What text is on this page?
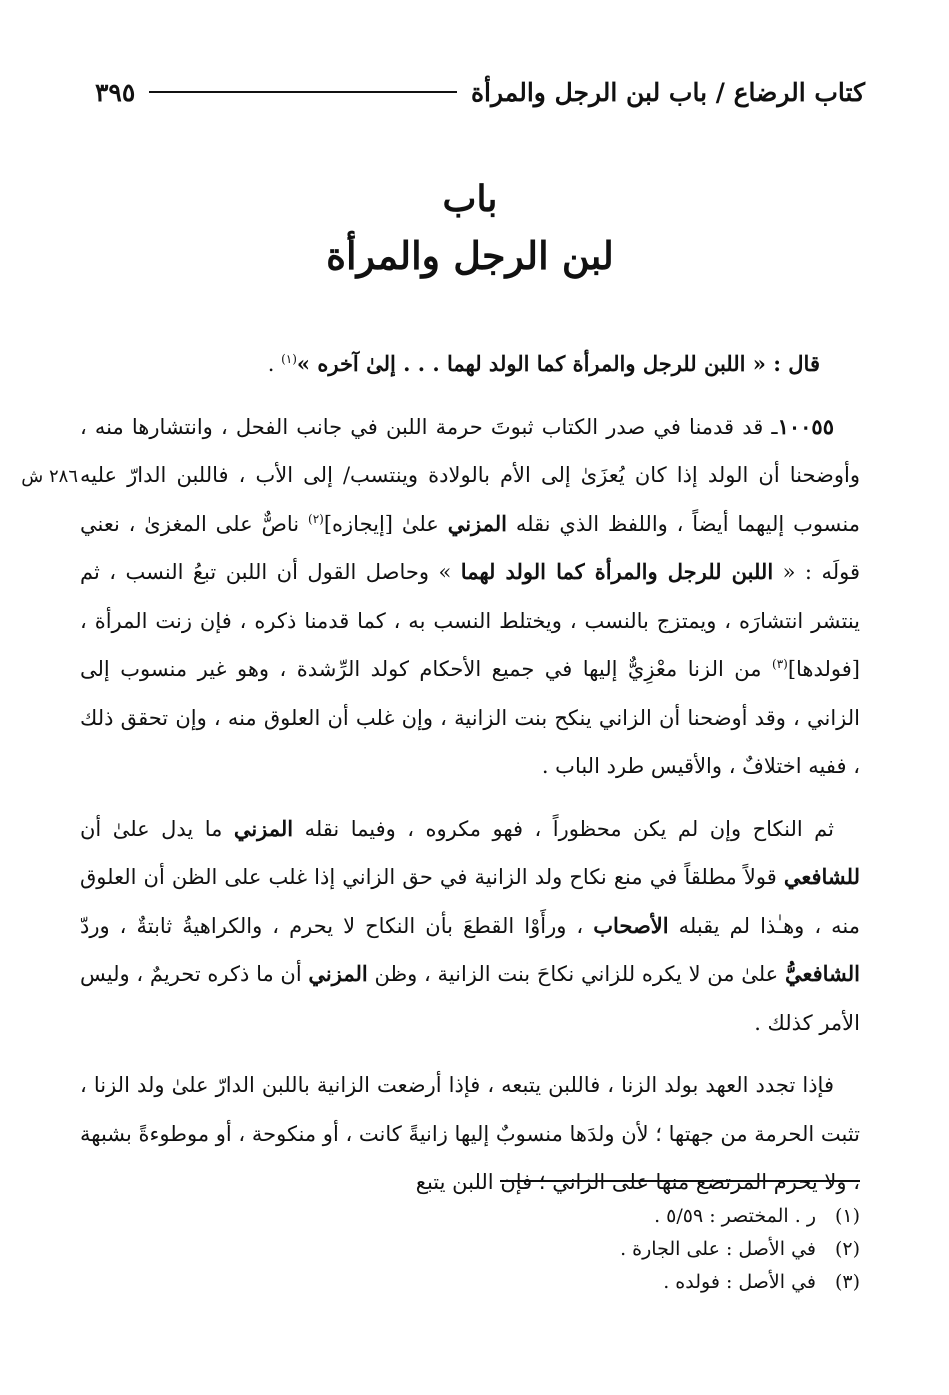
كتاب الرضاع / باب لبن الرجل والمرأة
٣٩٥
باب
لبن الرجل والمرأة
٢٨٦ ش

قال : « اللبن للرجل والمرأة كما الولد لهما . . . إلىٰ آخره »$^{(١)}$ .

١٠٠٥٥ـ قد قدمنا في صدر الكتاب ثبوتَ حرمة اللبن في جانب الفحل ، وانتشارها منه ، وأوضحنا أن الولد إذا كان يُعزَىٰ إلى الأم بالولادة وينتسب/ إلى الأب ، فاللبن الدارّ عليه منسوب إليهما أيضاً ، واللفظ الذي نقله المزني علىٰ [إيجازه]$^{(٢)}$ ناصٌّ على المغزىٰ ، نعني قولَه : « اللبن للرجل والمرأة كما الولد لهما » وحاصل القول أن اللبن تبعُ النسب ، ثم ينتشر انتشارَه ، ويمتزج بالنسب ، ويختلط النسب به ، كما قدمنا ذكره ، فإن زنت المرأة ، [فولدها]$^{(٣)}$ من الزنا معْزِيٌّ إليها في جميع الأحكام كولد الرِّشدة ، وهو غير منسوب إلى الزاني ، وقد أوضحنا أن الزاني ينكح بنت الزانية ، وإن غلب أن العلوق منه ، وإن تحقق ذلك ، ففيه اختلافٌ ، والأقيس طرد الباب .

ثم النكاح وإن لم يكن محظوراً ، فهو مكروه ، وفيما نقله المزني ما يدل علىٰ أن للشافعي قولاً مطلقاً في منع نكاح ولد الزانية في حق الزاني إذا غلب على الظن أن العلوق منه ، وهـٰذا لم يقبله الأصحاب ، ورأَوْا القطعَ بأن النكاح لا يحرم ، والكراهيةُ ثابتةٌ ، وردّ الشافعيُّ علىٰ من لا يكره للزاني نكاحَ بنت الزانية ، وظن المزني أن ما ذكره تحريمٌ ، وليس الأمر كذلك .

فإذا تجدد العهد بولد الزنا ، فاللبن يتبعه ، فإذا أرضعت الزانية باللبن الدارّ علىٰ ولد الزنا ، تثبت الحرمة من جهتها ؛ لأن ولدَها منسوبٌ إليها زانيةً كانت ، أو منكوحة ، أو موطوءةً بشبهة ، ولا يحرم المرتضع منها على الزاني ؛ فإن اللبن يتبع

(١)
ر . المختصر : ٥/٥٩ .
(٢)
في الأصل : على الجارة .
(٣)
في الأصل : فولده .
